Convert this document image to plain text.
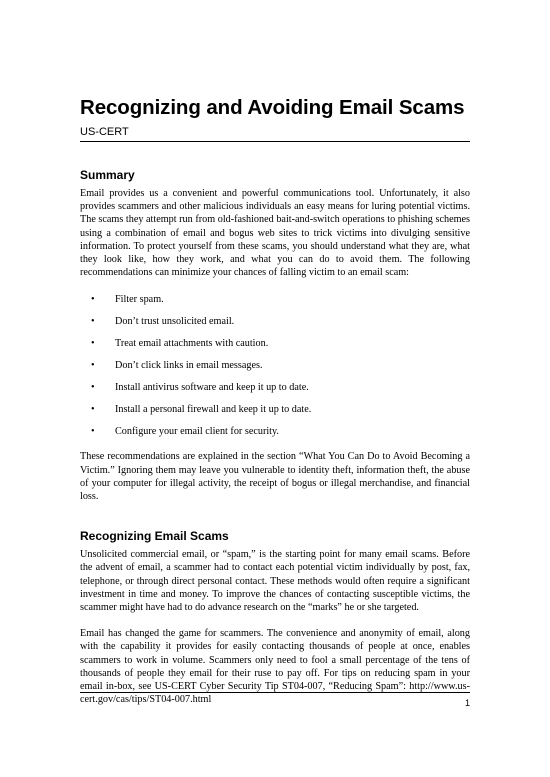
Recognizing and Avoiding Email Scams
US-CERT
Summary

Email provides us a convenient and powerful communications tool. Unfortunately, it also provides scammers and other malicious individuals an easy means for luring potential victims. The scams they attempt run from old-fashioned bait-and-switch operations to phishing schemes using a combination of email and bogus web sites to trick victims into divulging sensitive information. To protect yourself from these scams, you should understand what they are, what they look like, how they work, and what you can do to avoid them. The following recommendations can minimize your chances of falling victim to an email scam:

• Filter spam.
• Don’t trust unsolicited email.
• Treat email attachments with caution.
• Don’t click links in email messages.
• Install antivirus software and keep it up to date.
• Install a personal firewall and keep it up to date.
• Configure your email client for security.

These recommendations are explained in the section “What You Can Do to Avoid Becoming a Victim.” Ignoring them may leave you vulnerable to identity theft, information theft, the abuse of your computer for illegal activity, the receipt of bogus or illegal merchandise, and financial loss.

Recognizing Email Scams

Unsolicited commercial email, or “spam,” is the starting point for many email scams. Before the advent of email, a scammer had to contact each potential victim individually by post, fax, telephone, or through direct personal contact. These methods would often require a significant investment in time and money. To improve the chances of contacting susceptible victims, the scammer might have had to do advance research on the “marks” he or she targeted.

Email has changed the game for scammers. The convenience and anonymity of email, along with the capability it provides for easily contacting thousands of people at once, enables scammers to work in volume. Scammers only need to fool a small percentage of the tens of thousands of people they email for their ruse to pay off. For tips on reducing spam in your email in-box, see US-CERT Cyber Security Tip ST04-007, “Reducing Spam”: http://www.us-cert.gov/cas/tips/ST04-007.html	1
